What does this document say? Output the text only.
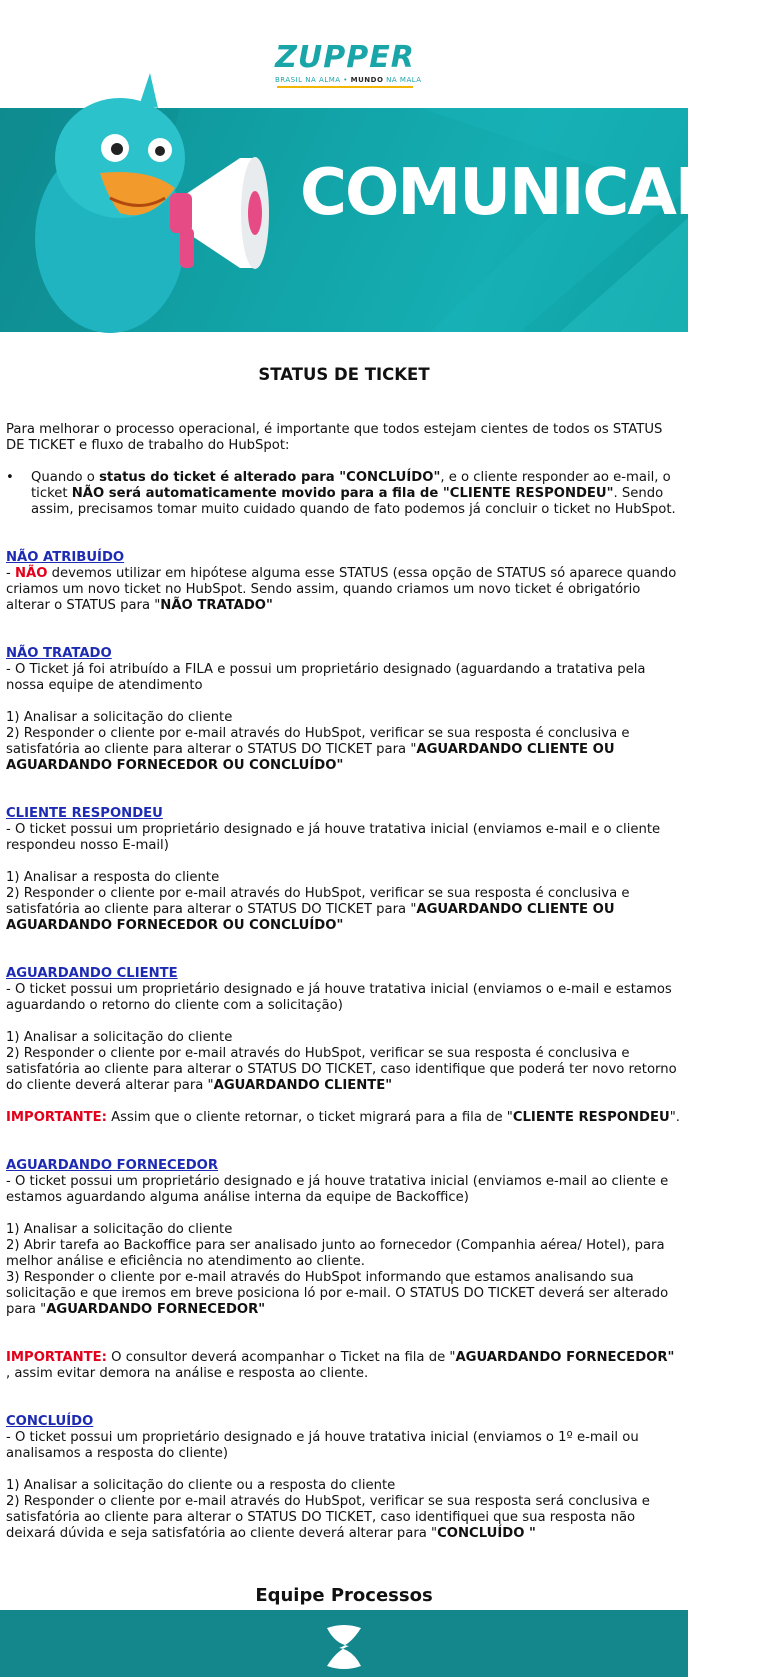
ZUPPER
BRASIL NA ALMA • MUNDO NA MALA
COMUNICADO
STATUS DE TICKET

Para melhorar o processo operacional, é importante que todos estejam cientes de todos os STATUS DE TICKET e fluxo de trabalho do HubSpot:

• Quando o status do ticket é alterado para "CONCLUÍDO", e o cliente responder ao e-mail, o ticket NÃO será automaticamente movido para a fila de "CLIENTE RESPONDEU". Sendo assim, precisamos tomar muito cuidado quando de fato podemos já concluir o ticket no HubSpot.

NÃO ATRIBUÍDO

- NÃO devemos utilizar em hipótese alguma esse STATUS (essa opção de STATUS só aparece quando criamos um novo ticket no HubSpot. Sendo assim, quando criamos um novo ticket é obrigatório alterar o STATUS para "NÃO TRATADO"

NÃO TRATADO

- O Ticket já foi atribuído a FILA e possui um proprietário designado (aguardando a tratativa pela nossa equipe de atendimento

1) Analisar a solicitação do cliente

2) Responder o cliente por e-mail através do HubSpot, verificar se sua resposta é conclusiva e satisfatória ao cliente para alterar o STATUS DO TICKET para "AGUARDANDO CLIENTE OU AGUARDANDO FORNECEDOR OU CONCLUÍDO"

CLIENTE RESPONDEU

- O ticket possui um proprietário designado e já houve tratativa inicial (enviamos e-mail e o cliente respondeu nosso E-mail)

1) Analisar a resposta do cliente

2) Responder o cliente por e-mail através do HubSpot, verificar se sua resposta é conclusiva e satisfatória ao cliente para alterar o STATUS DO TICKET para "AGUARDANDO CLIENTE OU AGUARDANDO FORNECEDOR OU CONCLUÍDO"

AGUARDANDO CLIENTE

- O ticket possui um proprietário designado e já houve tratativa inicial (enviamos o e-mail e estamos aguardando o retorno do cliente com a solicitação)

1) Analisar a solicitação do cliente

2) Responder o cliente por e-mail através do HubSpot, verificar se sua resposta é conclusiva e satisfatória ao cliente para alterar o STATUS DO TICKET, caso identifique que poderá ter novo retorno do cliente deverá alterar para "AGUARDANDO CLIENTE"

IMPORTANTE: Assim que o cliente retornar, o ticket migrará para a fila de "CLIENTE RESPONDEU".

AGUARDANDO FORNECEDOR

- O ticket possui um proprietário designado e já houve tratativa inicial (enviamos e-mail ao cliente e estamos aguardando alguma análise interna da equipe de Backoffice)

1) Analisar a solicitação do cliente

2) Abrir tarefa ao Backoffice para ser analisado junto ao fornecedor (Companhia aérea/ Hotel), para melhor análise e eficiência no atendimento ao cliente.

3) Responder o cliente por e-mail através do HubSpot informando que estamos analisando sua solicitação e que iremos em breve posiciona ló por e-mail. O STATUS DO TICKET deverá ser alterado para "AGUARDANDO FORNECEDOR"

IMPORTANTE: O consultor deverá acompanhar o Ticket na fila de "AGUARDANDO FORNECEDOR" , assim evitar demora na análise e resposta ao cliente.

CONCLUÍDO

- O ticket possui um proprietário designado e já houve tratativa inicial (enviamos o 1º e-mail ou analisamos a resposta do cliente)

1) Analisar a solicitação do cliente ou a resposta do cliente

2) Responder o cliente por e-mail através do HubSpot, verificar se sua resposta será conclusiva e satisfatória ao cliente para alterar o STATUS DO TICKET, caso identifiquei que sua resposta não deixará dúvida e seja satisfatória ao cliente deverá alterar para "CONCLUÍDO "

Equipe Processos
